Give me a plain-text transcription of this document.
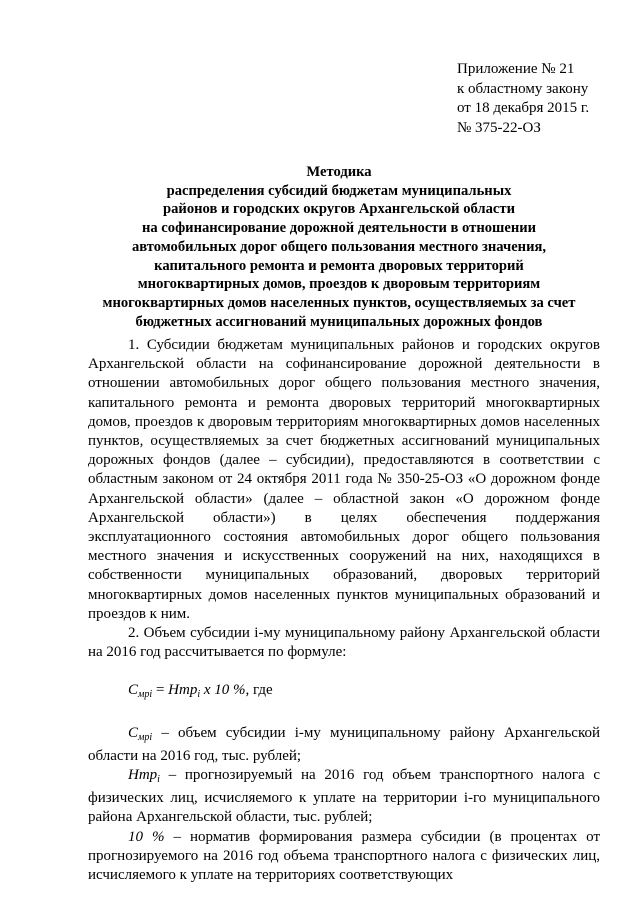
Приложение № 21
к областному закону
от 18 декабря 2015 г.
№ 375-22-ОЗ
Методика
распределения субсидий бюджетам муниципальных
районов и городских округов Архангельской области
на софинансирование дорожной деятельности в отношении
автомобильных дорог общего пользования местного значения,
капитального ремонта и ремонта дворовых территорий
многоквартирных домов, проездов к дворовым территориям
многоквартирных домов населенных пунктов, осуществляемых за счет
бюджетных ассигнований муниципальных дорожных фондов

1. Субсидии бюджетам муниципальных районов и городских округов Архангельской области на софинансирование дорожной деятельности в отношении автомобильных дорог общего пользования местного значения, капитального ремонта и ремонта дворовых территорий многоквартирных домов, проездов к дворовым территориям многоквартирных домов населенных пунктов, осуществляемых за счет бюджетных ассигнований муниципальных дорожных фондов (далее – субсидии), предоставляются в соответствии с областным законом от 24 октября 2011 года № 350-25-ОЗ «О дорожном фонде Архангельской области» (далее – областной закон «О дорожном фонде Архангельской области») в целях обеспечения поддержания эксплуатационного состояния автомобильных дорог общего пользования местного значения и искусственных сооружений на них, находящихся в собственности муниципальных образований, дворовых территорий многоквартирных домов населенных пунктов муниципальных образований и проездов к ним.

2. Объем субсидии i-му муниципальному району Архангельской области на 2016 год рассчитывается по формуле:

$С_{мрi} = Нтр_i$ х 10 %, где

$С_{мрi}$ – объем субсидии i-му муниципальному району Архангельской области на 2016 год, тыс. рублей;

Нтр$_i$ – прогнозируемый на 2016 год объем транспортного налога с физических лиц, исчисляемого к уплате на территории i-го муниципального района Архангельской области, тыс. рублей;

10 % – норматив формирования размера субсидии (в процентах от прогнозируемого на 2016 год объема транспортного налога с физических лиц, исчисляемого к уплате на территориях соответствующих
